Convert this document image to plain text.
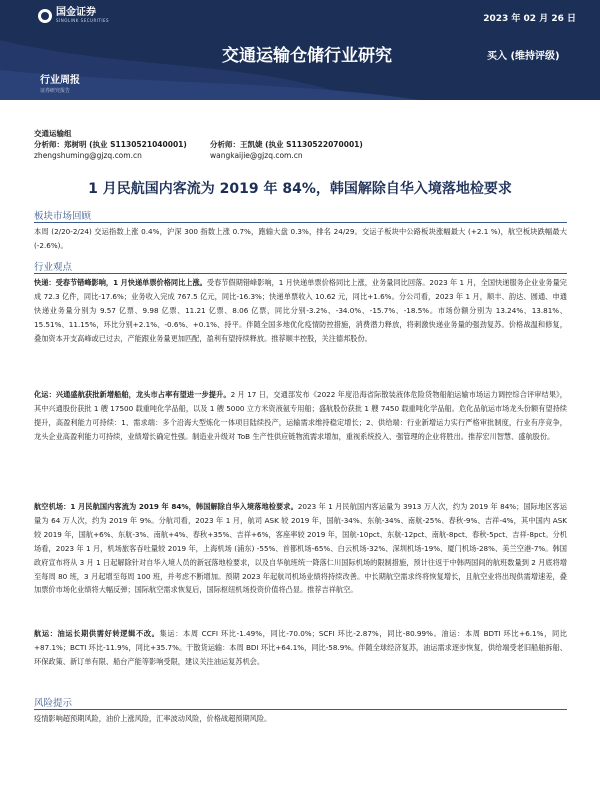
国金证券
SINOLINK SECURITIES	2023 年 02 月 26 日
交通运输仓储行业研究	买入 (维持评级)
行业周报
证券研究报告
交通运输组
分析师：郑树明 (执业 S1130521040001)
zhengshuming@gjzq.com.cn
分析师：王凯婕 (执业 S1130522070001)
wangkaijie@gjzq.com.cn
1 月民航国内客流为 2019 年 84%，韩国解除自华入境落地检要求
板块市场回顾
本周 (2/20-2/24) 交运指数上涨 0.4%，沪深 300 指数上涨 0.7%，跑输大盘 0.3%，排名 24/29。交运子板块中公路板块涨幅最大 (+2.1 %)，航空板块跌幅最大 (-2.6%)。
行业观点
快递：受春节错峰影响，1 月快递单票价格同比上涨。受春节假期错峰影响，1 月快递单票价格同比上涨，业务量同比回落。2023 年 1 月，全国快递服务企业业务量完成 72.3 亿件，同比-17.6%；业务收入完成 767.5 亿元，同比-16.3%；快递单票收入 10.62 元，同比+1.6%。分公司看，2023 年 1 月，顺丰、韵达、圆通、申通快递业务量分别为 9.57 亿票、9.98 亿票、11.21 亿票、8.06 亿票，同比分别-3.2%、-34.0%、-15.7%、-18.5%。市场份额分别为 13.24%、13.81%、15.51%、11.15%，环比分别+2.1%、-0.6%、+0.1%、持平。伴随全国多地优化疫情防控措施，消费潜力释放，将刺激快递业务量的强劲复苏。价格战温和修复，叠加资本开支高峰或已过去，产能跟业务量更加匹配，盈利有望持续释放。推荐顺丰控股，关注德邦股份。
化运：兴通盛航获批新增船舶，龙头市占率有望进一步提升。2 月 17 日，交通部发布《2022 年度沿海省际散装液体危险货物船舶运输市场运力调控综合评审结果》，其中兴通股份获批 1 艘 17500 载重吨化学品船，以及 1 艘 5000 立方米资液氨专用船；盛航股份获批 1 艘 7450 载重吨化学品船。危化品航运市场龙头份额有望持续提升，高盈利能力可持续：1、需求端：多个沿海大型炼化一体项目陆续投产，运输需求维持稳定增长；2、供给端：行业新增运力实行严格审批制度，行业有序竞争，龙头企业高盈利能力可持续，业绩增长确定性强。制造业升级对 ToB 生产性供应链物流需求增加，重视系统投入、强管理的企业将胜出。推荐宏川智慧、盛航股份。
航空机场：1 月民航国内客流为 2019 年 84%，韩国解除自华入境落地检要求。2023 年 1 月民航国内客运量为 3913 万人次，约为 2019 年 84%；国际地区客运量为 64 万人次，约为 2019 年 9%。分航司看，2023 年 1 月，航司 ASK 较 2019 年，国航-34%、东航-34%、南航-25%、春秋-9%、吉祥-4%，其中国内 ASK 较 2019 年，国航+6%、东航-3%、南航+4%、春秋+35%、吉祥+6%，客座率较 2019 年，国航-10pct、东航-12pct、南航-8pct、春秋-5pct、吉祥-8pct。分机场看，2023 年 1 月，机场旅客吞吐量较 2019 年，上海机场 (浦东) -55%、首都机场-65%、白云机场-32%、深圳机场-19%、厦门机场-28%、美兰空港-7%。韩国政府宣布将从 3 月 1 日起解除针对自华入境人员的新冠落地检要求，以及自华航班统一降落仁川国际机场的限制措施，预计往返于中韩两国间的航班数量到 2 月底将增至每周 80 班，3 月起增至每周 100 班，并考虑不断增加。预期 2023 年起航司机场业绩将持续改善。中长期航空需求终将恢复增长，且航空业将出现供需增速差，叠加票价市场化业绩将大幅反弹；国际航空需求恢复后，国际枢纽机场投资价值将凸显。推荐吉祥航空。
航运：油运长期供需好转逻辑不改。集运：本周 CCFI 环比-1.49%，同比-70.0%；SCFI 环比-2.87%，同比-80.99%。油运：本周 BDTI 环比+6.1%，同比+87.1%；BCTI 环比-11.9%，同比+35.7%。干散货运输：本周 BDI 环比+64.1%，同比-58.9%。伴随全球经济复苏，油运需求逐步恢复，供给端受老旧船舶拆船、环保政策、新订单有限、船台产能等影响受限，建议关注油运复苏机会。
风险提示
疫情影响超预期风险，油价上涨风险，汇率波动风险，价格战超预期风险。
